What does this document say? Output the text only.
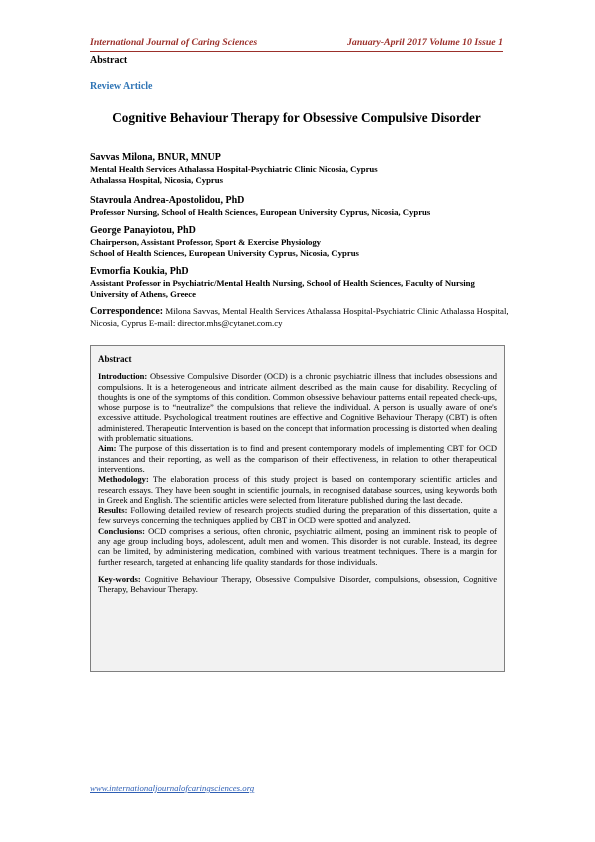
International Journal of Caring Sciences	January-April 2017 Volume 10 Issue 1
Abstract
Review Article
Cognitive Behaviour Therapy for Obsessive Compulsive Disorder
Savvas Milona, BNUR, MNUP
Mental Health Services Athalassa Hospital-Psychiatric Clinic Nicosia, Cyprus
Athalassa Hospital, Nicosia, Cyprus
Stavroula Andrea-Apostolidou, PhD
Professor Nursing, School of Health Sciences, European University Cyprus, Nicosia, Cyprus
George Panayiotou, PhD
Chairperson, Assistant Professor, Sport & Exercise Physiology
School of Health Sciences, European University Cyprus, Nicosia, Cyprus
Evmorfia Koukia, PhD
Assistant Professor in Psychiatric/Mental Health Nursing, School of Health Sciences, Faculty of Nursing University of Athens, Greece
Correspondence: Milona Savvas, Mental Health Services Athalassa Hospital-Psychiatric Clinic Athalassa Hospital, Nicosia, Cyprus E-mail: director.mhs@cytanet.com.cy

Abstract

Introduction: Obsessive Compulsive Disorder (OCD) is a chronic psychiatric illness that includes obsessions and compulsions. It is a heterogeneous and intricate ailment described as the main cause for disability. Recycling of thoughts is one of the symptoms of this condition. Common obsessive behaviour patterns entail repeated check-ups, whose purpose is to “neutralize” the compulsions that relieve the individual. A person is usually aware of one's excessive attitude. Psychological treatment routines are effective and Cognitive Behaviour Therapy (CBT) is often administered. Therapeutic Intervention is based on the concept that information processing is distorted when dealing with problematic situations.

Aim: The purpose of this dissertation is to find and present contemporary models of implementing CBT for OCD instances and their reporting, as well as the comparison of their effectiveness, in relation to other therapeutical interventions.

Methodology: The elaboration process of this study project is based on contemporary scientific articles and research essays. They have been sought in scientific journals, in recognised database sources, using keywords both in Greek and English. The scientific articles were selected from literature published during the last decade.

Results: Following detailed review of research projects studied during the preparation of this dissertation, quite a few surveys concerning the techniques applied by CBT in OCD were spotted and analyzed.

Conclusions: OCD comprises a serious, often chronic, psychiatric ailment, posing an imminent risk to people of any age group including boys, adolescent, adult men and women. This disorder is not curable. Instead, its degree can be limited, by administering medication, combined with various treatment techniques. There is a margin for further research, targeted at enhancing life quality standards for those individuals.

Key-words: Cognitive Behaviour Therapy, Obsessive Compulsive Disorder, compulsions, obsession, Cognitive Therapy, Behaviour Therapy.

www.internationaljournalofcaringsciences.org
